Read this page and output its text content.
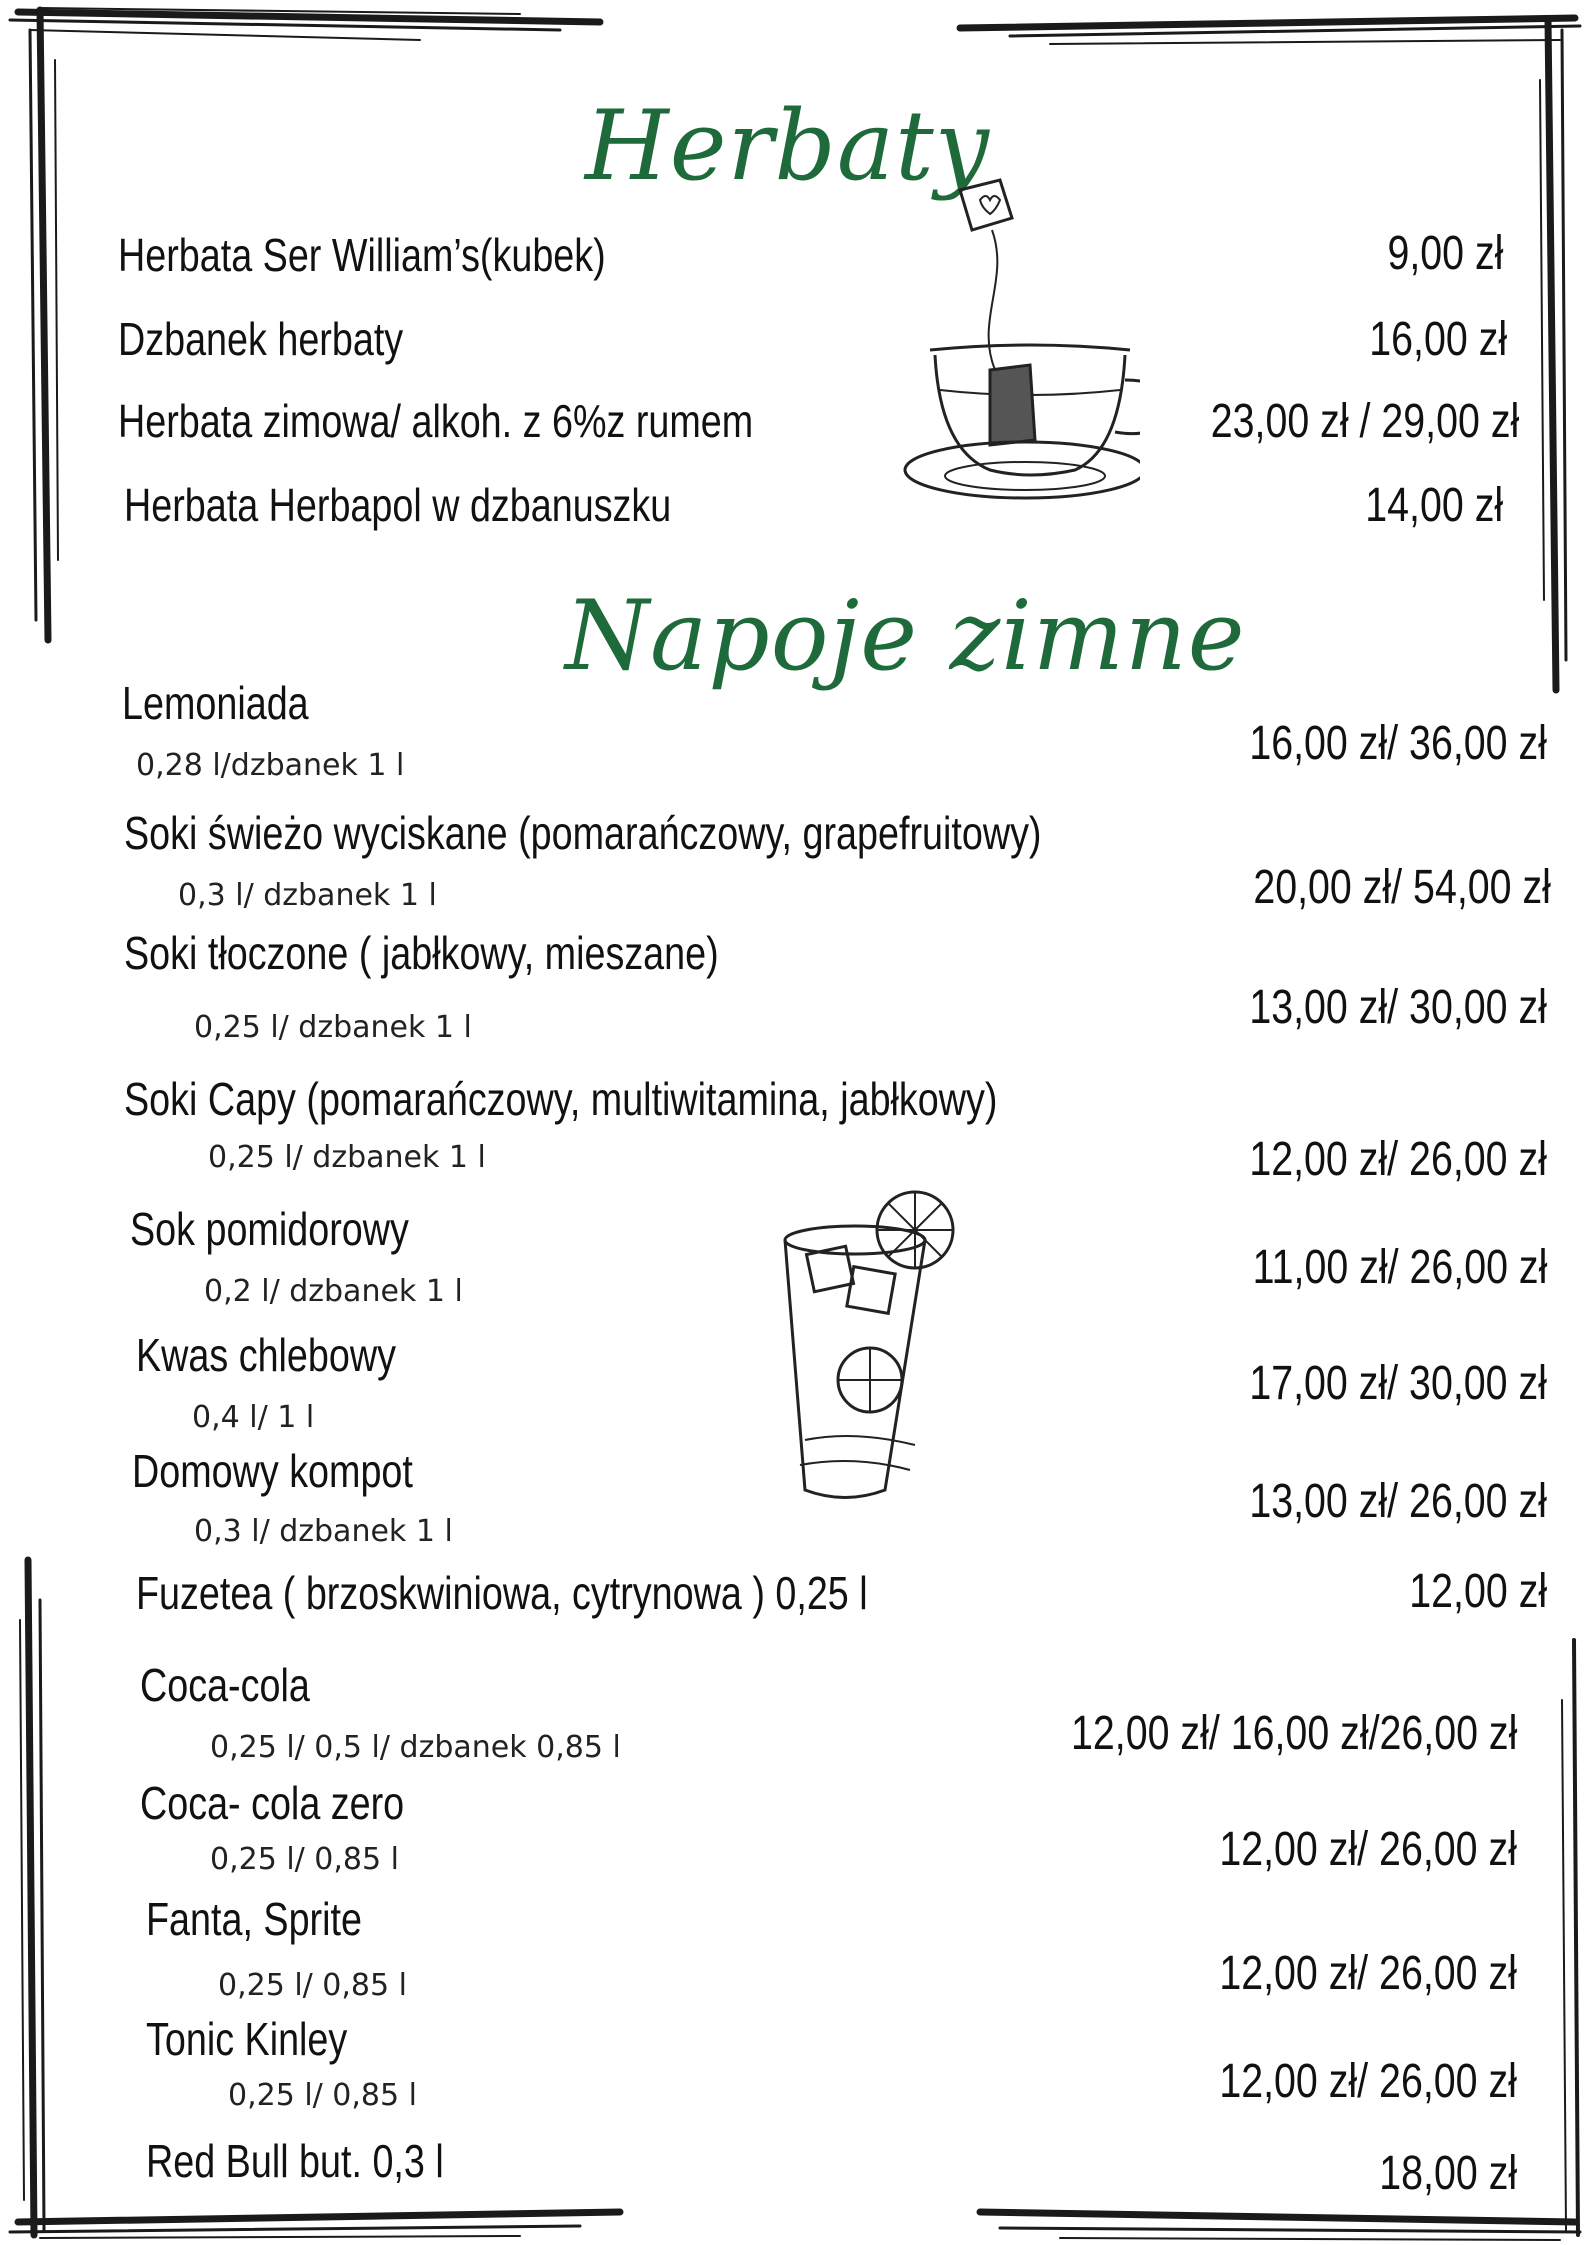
Herbaty
Herbata Ser William’s(kubek)	9,00 zł
Dzbanek herbaty	16,00 zł
Herbata zimowa/ alkoh. z 6%z rumem	23,00 zł / 29,00 zł
Herbata Herbapol w dzbanuszku	14,00 zł
Napoje zimne
Lemoniada
0,28 l/dzbanek 1 l	16,00 zł/ 36,00 zł
Soki świeżo wyciskane (pomarańczowy, grapefruitowy)
0,3 l/ dzbanek 1 l	20,00 zł/ 54,00 zł
Soki tłoczone ( jabłkowy, mieszane)
0,25 l/ dzbanek 1 l	13,00 zł/ 30,00 zł
Soki Capy (pomarańczowy, multiwitamina, jabłkowy)
0,25 l/ dzbanek 1 l	12,00 zł/ 26,00 zł
Sok pomidorowy
0,2 l/ dzbanek 1 l	11,00 zł/ 26,00 zł
Kwas chlebowy
0,4 l/ 1 l
17,00 zł/ 30,00 zł
Domowy kompot
0,3 l/ dzbanek 1 l
13,00 zł/ 26,00 zł
Fuzetea ( brzoskwiniowa, cytrynowa ) 0,25 l	12,00 zł
Coca-cola
0,25 l/ 0,5 l/ dzbanek 0,85 l	12,00 zł/ 16,00 zł/26,00 zł
Coca- cola zero
0,25 l/ 0,85 l	12,00 zł/ 26,00 zł
Fanta, Sprite
0,25 l/ 0,85 l	12,00 zł/ 26,00 zł
Tonic Kinley
0,25 l/ 0,85 l	12,00 zł/ 26,00 zł
Red Bull but. 0,3 l	18,00 zł
